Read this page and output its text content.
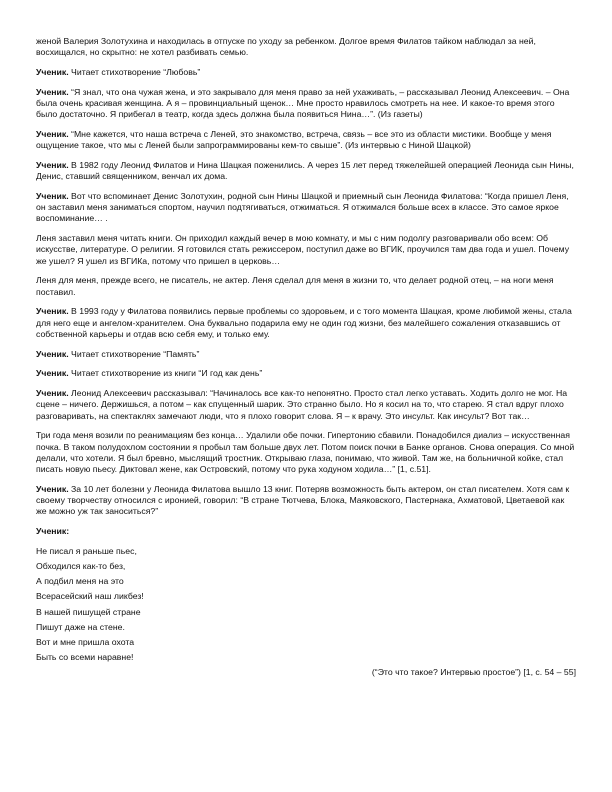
женой Валерия Золотухина и находилась в отпуске по уходу за ребенком. Долгое время Филатов тайком наблюдал за ней, восхищался, но скрытно: не хотел разбивать семью.

Ученик. Читает стихотворение “Любовь”

Ученик. “Я знал, что она чужая жена, и это закрывало для меня право за ней ухаживать, – рассказывал Леонид Алексеевич. – Она была очень красивая женщина. А я – провинциальный щенок… Мне просто нравилось смотреть на нее. И какое-то время этого было достаточно. Я прибегал в театр, когда здесь должна была появиться Нина…”. (Из газеты)

Ученик. “Мне кажется, что наша встреча с Леней, это знакомство, встреча, связь – все это из области мистики. Вообще у меня ощущение такое, что мы с Леней были запрограммированы кем-то свыше”. (Из интервью с Ниной Шацкой)

Ученик. В 1982 году Леонид Филатов и Нина Шацкая поженились. А через 15 лет перед тяжелейшей операцией Леонида сын Нины, Денис, ставший священником, венчал их дома.

Ученик. Вот что вспоминает Денис Золотухин, родной сын Нины Шацкой и приемный сын Леонида Филатова: “Когда пришел Леня, он заставил меня заниматься спортом, научил подтягиваться, отжиматься. Я отжимался больше всех в классе. Это самое яркое воспоминание… .

Леня заставил меня читать книги. Он приходил каждый вечер в мою комнату, и мы с ним подолгу разговаривали обо всем: Об искусстве, литературе. О религии. Я готовился стать режиссером, поступил даже во ВГИК, проучился там два года и ушел. Почему же ушел? Я ушел из ВГИКа, потому что пришел в церковь…

Леня для меня, прежде всего, не писатель, не актер. Леня сделал для меня в жизни то, что делает родной отец, – на ноги меня поставил.

Ученик. В 1993 году у Филатова появились первые проблемы со здоровьем, и с того момента Шацкая, кроме любимой жены, стала для него еще и ангелом-хранителем. Она буквально подарила ему не один год жизни, без малейшего сожаления отказавшись от собственной карьеры и отдав всю себя ему, и только ему.

Ученик. Читает стихотворение “Память”

Ученик. Читает стихотворение из книги “И год как день”

Ученик. Леонид Алексеевич рассказывал: “Начиналось все как-то непонятно. Просто стал легко уставать. Ходить долго не мог. На сцене – ничего. Держишься, а потом – как спущенный шарик. Это странно было. Но я косил на то, что старею. Я стал вдруг плохо разговаривать, на спектаклях замечают люди, что я плохо говорит слова. Я – к врачу. Это инсульт. Как инсульт? Вот так…

Три года меня возили по реанимациям без конца… Удалили обе почки. Гипертонию сбавили. Понадобился диализ – искусственная почка. В таком полудохлом состоянии я пробыл там больше двух лет. Потом поиск почки в Банке органов. Снова операция. Со мной делали, что хотели. Я был бревно, мыслящий тростник. Открываю глаза, понимаю, что живой. Там же, на больничной койке, стал писать новую пьесу. Диктовал жене, как Островский, потому что рука ходуном ходила…” [1, с.51].

Ученик. За 10 лет болезни у Леонида Филатова вышло 13 книг. Потеряв возможность быть актером, он стал писателем. Хотя сам к своему творчеству относился с иронией, говорил: “В стране Тютчева, Блока, Маяковского, Пастернака, Ахматовой, Цветаевой как же можно уж так заноситься?”

Ученик:

Не писал я раньше пьес,
Обходился как-то без,
А подбил меня на это
Всерасейский наш ликбез!
В нашей пишущей стране
Пишут даже на стене.
Вот и мне пришла охота
Быть со всеми наравне!
(“Это что такое? Интервью простое”) [1, с. 54 – 55]
